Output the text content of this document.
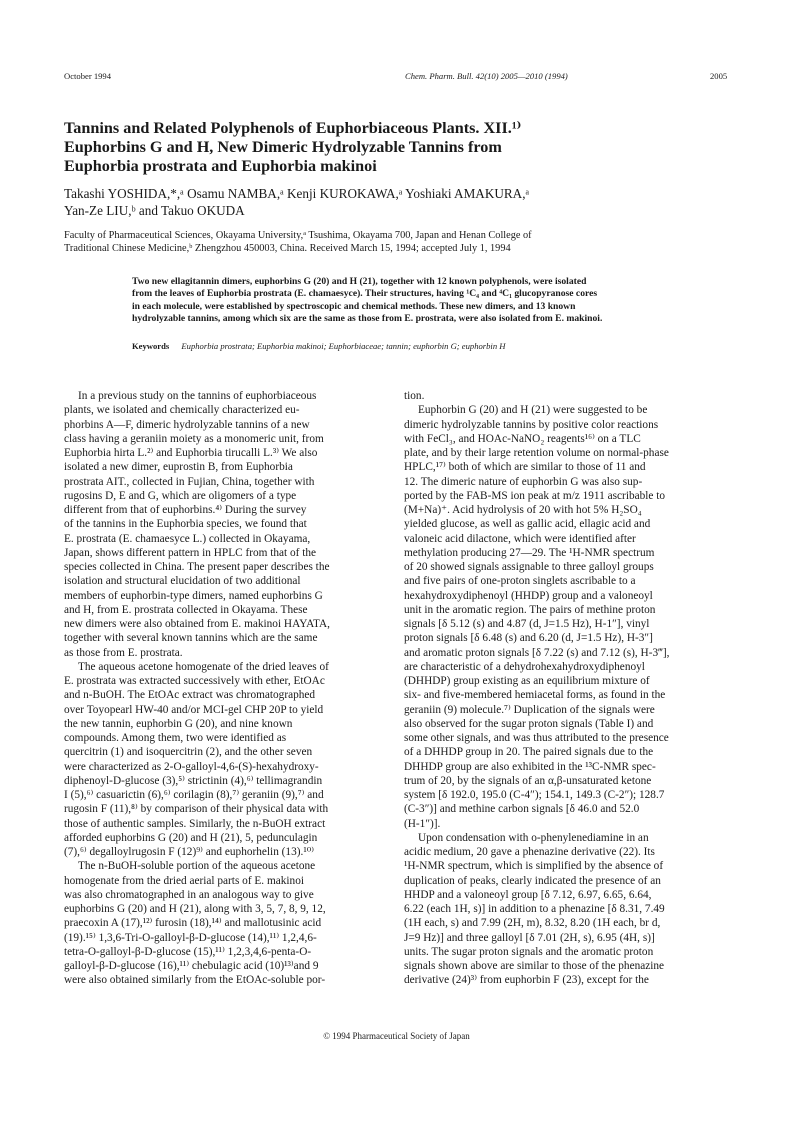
October 1994	Chem. Pharm. Bull. 42(10) 2005—2010 (1994)	2005
Tannins and Related Polyphenols of Euphorbiaceous Plants. XII.¹⁾
Euphorbins G and H, New Dimeric Hydrolyzable Tannins from
Euphorbia prostrata and Euphorbia makinoi
Takashi YOSHIDA,*,ᵃ Osamu NAMBA,ᵃ Kenji KUROKAWA,ᵃ Yoshiaki AMAKURA,ᵃ
Yan-Ze LIU,ᵇ and Takuo OKUDA
Faculty of Pharmaceutical Sciences, Okayama University,ᵃ Tsushima, Okayama 700, Japan and Henan College of
Traditional Chinese Medicine,ᵇ Zhengzhou 450003, China. Received March 15, 1994; accepted July 1, 1994
Two new ellagitannin dimers, euphorbins G (20) and H (21), together with 12 known polyphenols, were isolated
from the leaves of Euphorbia prostrata (E. chamaesyce). Their structures, having ¹C₄ and ⁴C₁ glucopyranose cores
in each molecule, were established by spectroscopic and chemical methods. These new dimers, and 13 known
hydrolyzable tannins, among which six are the same as those from E. prostrata, were also isolated from E. makinoi.
Keywords Euphorbia prostrata; Euphorbia makinoi; Euphorbiaceae; tannin; euphorbin G; euphorbin H
In a previous study on the tannins of euphorbiaceous
plants, we isolated and chemically characterized eu-
phorbins A—F, dimeric hydrolyzable tannins of a new
class having a geraniin moiety as a monomeric unit, from
Euphorbia hirta L.²⁾ and Euphorbia tirucalli L.³⁾ We also
isolated a new dimer, euprostin B, from Euphorbia
prostrata AIT., collected in Fujian, China, together with
rugosins D, E and G, which are oligomers of a type
different from that of euphorbins.⁴⁾ During the survey
of the tannins in the Euphorbia species, we found that
E. prostrata (E. chamaesyce L.) collected in Okayama,
Japan, shows different pattern in HPLC from that of the
species collected in China. The present paper describes the
isolation and structural elucidation of two additional
members of euphorbin-type dimers, named euphorbins G
and H, from E. prostrata collected in Okayama. These
new dimers were also obtained from E. makinoi HAYATA,
together with several known tannins which are the same
as those from E. prostrata.
The aqueous acetone homogenate of the dried leaves of
E. prostrata was extracted successively with ether, EtOAc
and n-BuOH. The EtOAc extract was chromatographed
over Toyopearl HW-40 and/or MCI-gel CHP 20P to yield
the new tannin, euphorbin G (20), and nine known
compounds. Among them, two were identified as
quercitrin (1) and isoquercitrin (2), and the other seven
were characterized as 2-O-galloyl-4,6-(S)-hexahydroxy-
diphenoyl-D-glucose (3),⁵⁾ strictinin (4),⁶⁾ tellimagrandin
I (5),⁶⁾ casuarictin (6),⁶⁾ corilagin (8),⁷⁾ geraniin (9),⁷⁾ and
rugosin F (11),⁸⁾ by comparison of their physical data with
those of authentic samples. Similarly, the n-BuOH extract
afforded euphorbins G (20) and H (21), 5, pedunculagin
(7),⁶⁾ degalloylrugosin F (12)⁹⁾ and euphorhelin (13).¹⁰⁾
The n-BuOH-soluble portion of the aqueous acetone
homogenate from the dried aerial parts of E. makinoi
was also chromatographed in an analogous way to give
euphorbins G (20) and H (21), along with 3, 5, 7, 8, 9, 12,
praecoxin A (17),¹²⁾ furosin (18),¹⁴⁾ and mallotusinic acid
(19).¹⁵⁾ 1,3,6-Tri-O-galloyl-β-D-glucose (14),¹¹⁾ 1,2,4,6-
tetra-O-galloyl-β-D-glucose (15),¹¹⁾ 1,2,3,4,6-penta-O-
galloyl-β-D-glucose (16),¹¹⁾ chebulagic acid (10)¹³⁾and 9
were also obtained similarly from the EtOAc-soluble por-
tion.
Euphorbin G (20) and H (21) were suggested to be
dimeric hydrolyzable tannins by positive color reactions
with FeCl₃, and HOAc-NaNO₂ reagents¹⁶⁾ on a TLC
plate, and by their large retention volume on normal-phase
HPLC,¹⁷⁾ both of which are similar to those of 11 and
12. The dimeric nature of euphorbin G was also sup-
ported by the FAB-MS ion peak at m/z 1911 ascribable to
(M+Na)⁺. Acid hydrolysis of 20 with hot 5% H₂SO₄
yielded glucose, as well as gallic acid, ellagic acid and
valoneic acid dilactone, which were identified after
methylation producing 27—29. The ¹H-NMR spectrum
of 20 showed signals assignable to three galloyl groups
and five pairs of one-proton singlets ascribable to a
hexahydroxydiphenoyl (HHDP) group and a valoneoyl
unit in the aromatic region. The pairs of methine proton
signals [δ 5.12 (s) and 4.87 (d, J=1.5 Hz), H-1″], vinyl
proton signals [δ 6.48 (s) and 6.20 (d, J=1.5 Hz), H-3″]
and aromatic proton signals [δ 7.22 (s) and 7.12 (s), H-3‴],
are characteristic of a dehydrohexahydroxydiphenoyl
(DHHDP) group existing as an equilibrium mixture of
six- and five-membered hemiacetal forms, as found in the
geraniin (9) molecule.⁷⁾ Duplication of the signals were
also observed for the sugar proton signals (Table I) and
some other signals, and was thus attributed to the presence
of a DHHDP group in 20. The paired signals due to the
DHHDP group are also exhibited in the ¹³C-NMR spec-
trum of 20, by the signals of an α,β-unsaturated ketone
system [δ 192.0, 195.0 (C-4″); 154.1, 149.3 (C-2″); 128.7
(C-3″)] and methine carbon signals [δ 46.0 and 52.0
(H-1″)].
Upon condensation with o-phenylenediamine in an
acidic medium, 20 gave a phenazine derivative (22). Its
¹H-NMR spectrum, which is simplified by the absence of
duplication of peaks, clearly indicated the presence of an
HHDP and a valoneoyl group [δ 7.12, 6.97, 6.65, 6.64,
6.22 (each 1H, s)] in addition to a phenazine [δ 8.31, 7.49
(1H each, s) and 7.99 (2H, m), 8.32, 8.20 (1H each, br d,
J=9 Hz)] and three galloyl [δ 7.01 (2H, s), 6.95 (4H, s)]
units. The sugar proton signals and the aromatic proton
signals shown above are similar to those of the phenazine
derivative (24)³⁾ from euphorbin F (23), except for the
© 1994 Pharmaceutical Society of Japan
